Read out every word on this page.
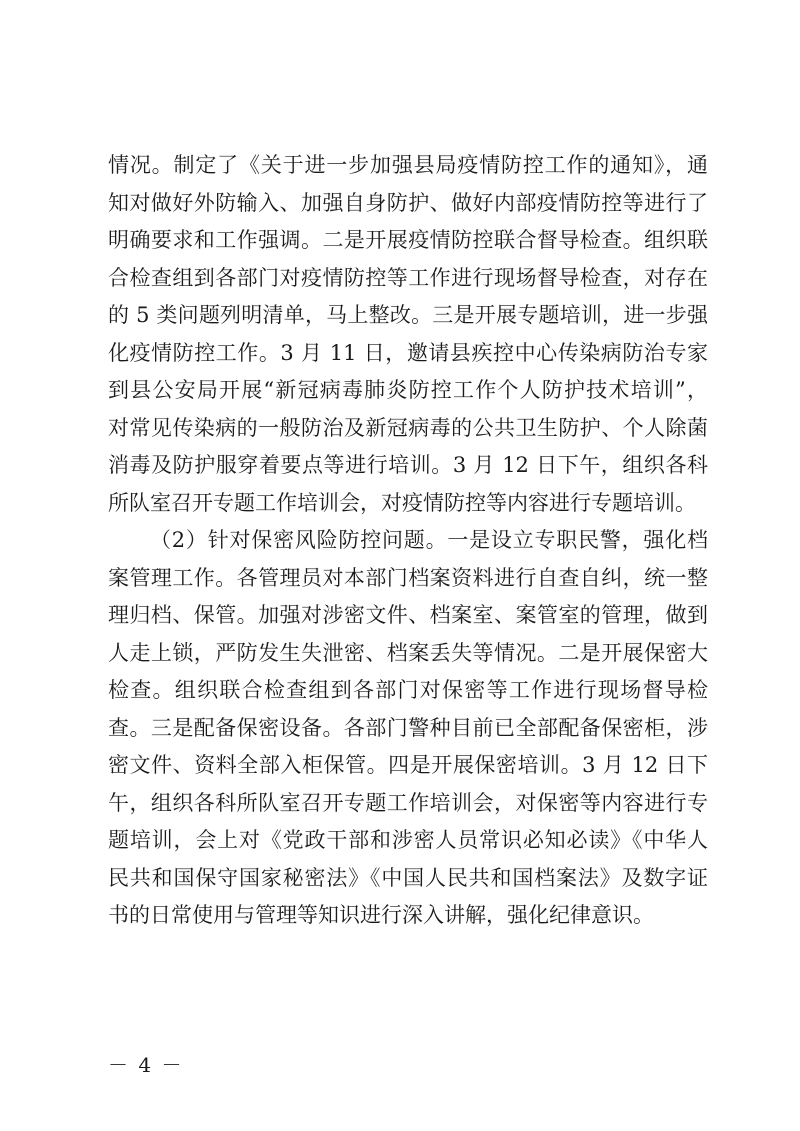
情况。制定了《关于进一步加强县局疫情防控工作的通知》，通
知对做好外防输入、加强自身防护、做好内部疫情防控等进行了
明确要求和工作强调。二是开展疫情防控联合督导检查。组织联
合检查组到各部门对疫情防控等工作进行现场督导检查，对存在
的 5 类问题列明清单，马上整改。三是开展专题培训，进一步强
化疫情防控工作。3 月 11 日，邀请县疾控中心传染病防治专家
到县公安局开展“新冠病毒肺炎防控工作个人防护技术培训”，
对常见传染病的一般防治及新冠病毒的公共卫生防护、个人除菌
消毒及防护服穿着要点等进行培训。3 月 12 日下午，组织各科
所队室召开专题工作培训会，对疫情防控等内容进行专题培训。
（2）针对保密风险防控问题。一是设立专职民警，强化档
案管理工作。各管理员对本部门档案资料进行自查自纠，统一整
理归档、保管。加强对涉密文件、档案室、案管室的管理，做到
人走上锁，严防发生失泄密、档案丢失等情况。二是开展保密大
检查。组织联合检查组到各部门对保密等工作进行现场督导检
查。三是配备保密设备。各部门警种目前已全部配备保密柜，涉
密文件、资料全部入柜保管。四是开展保密培训。3 月 12 日下
午，组织各科所队室召开专题工作培训会，对保密等内容进行专
题培训，会上对《党政干部和涉密人员常识必知必读》《中华人
民共和国保守国家秘密法》《中国人民共和国档案法》及数字证
书的日常使用与管理等知识进行深入讲解，强化纪律意识。
－ 4 －
